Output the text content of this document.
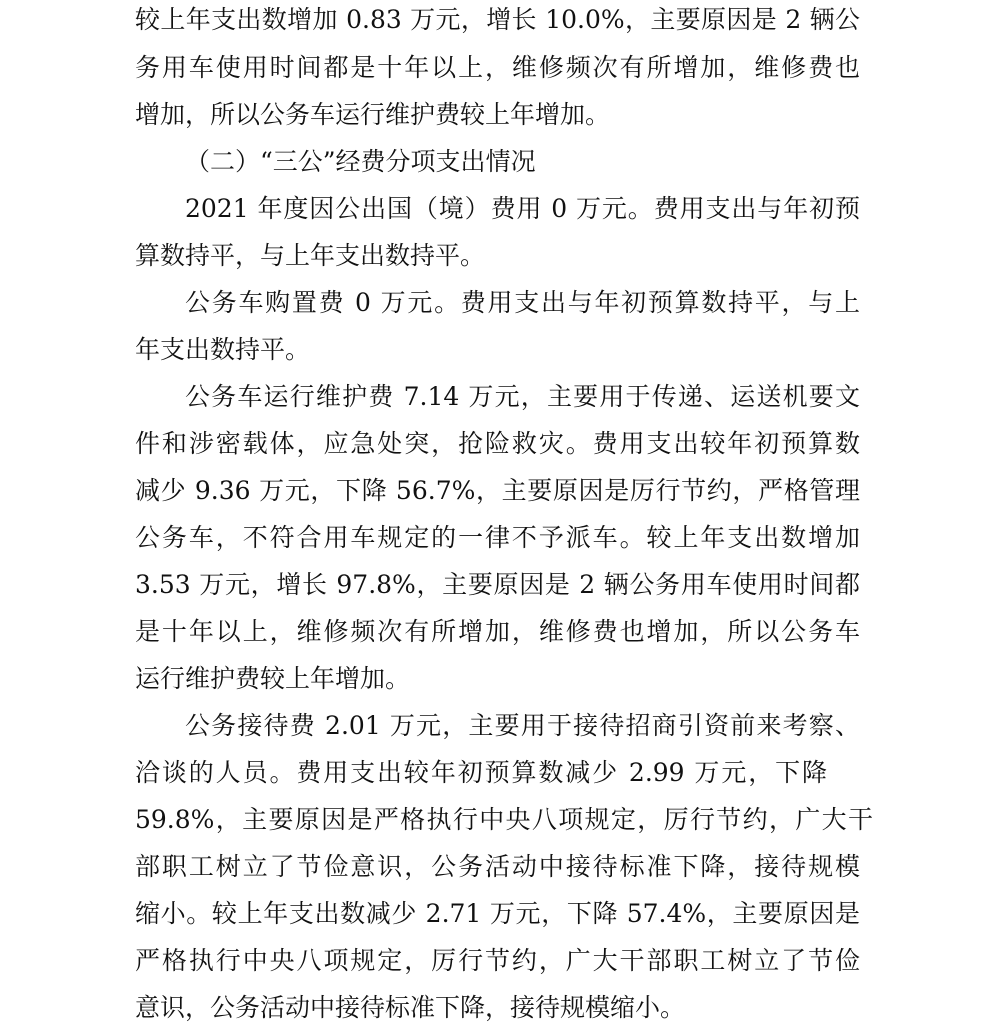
较上年支出数增加 0.83 万元，增长 10.0%，主要原因是 2 辆公
务用车使用时间都是十年以上，维修频次有所增加，维修费也
增加，所以公务车运行维护费较上年增加。
（二）“三公”经费分项支出情况
2021 年度因公出国（境）费用 0 万元。费用支出与年初预
算数持平，与上年支出数持平。
公务车购置费 0 万元。费用支出与年初预算数持平，与上
年支出数持平。
公务车运行维护费 7.14 万元，主要用于传递、运送机要文
件和涉密载体，应急处突，抢险救灾。费用支出较年初预算数
减少 9.36 万元，下降 56.7%，主要原因是厉行节约，严格管理
公务车，不符合用车规定的一律不予派车。较上年支出数增加
3.53 万元，增长 97.8%，主要原因是 2 辆公务用车使用时间都
是十年以上，维修频次有所增加，维修费也增加，所以公务车
运行维护费较上年增加。
公务接待费 2.01 万元，主要用于接待招商引资前来考察、
洽谈的人员。费用支出较年初预算数减少 2.99 万元，下降
59.8%，主要原因是严格执行中央八项规定，厉行节约，广大干
部职工树立了节俭意识，公务活动中接待标准下降，接待规模
缩小。较上年支出数减少 2.71 万元，下降 57.4%，主要原因是
严格执行中央八项规定，厉行节约，广大干部职工树立了节俭
意识，公务活动中接待标准下降，接待规模缩小。
